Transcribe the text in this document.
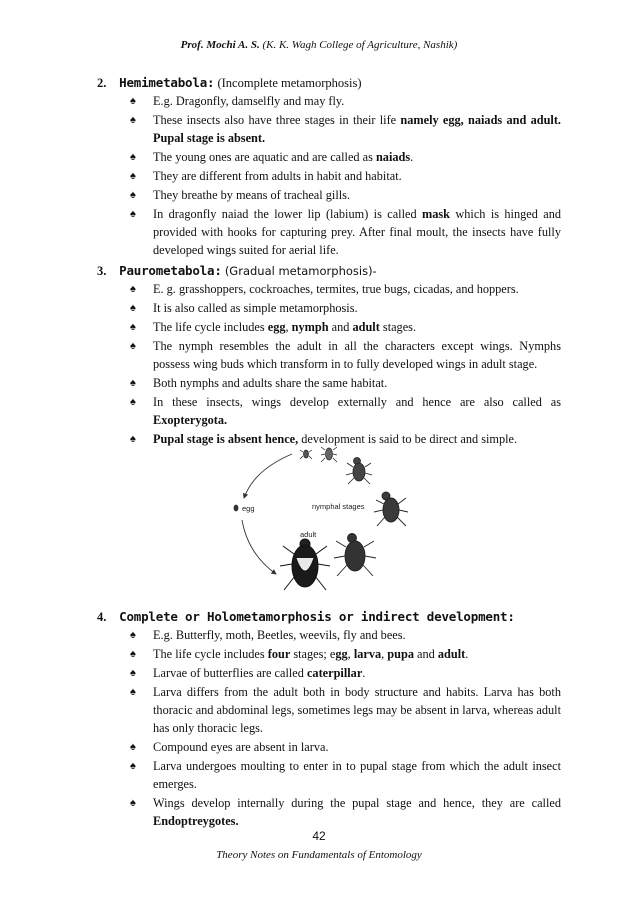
Prof. Mochi A. S. (K. K. Wagh College of Agriculture, Nashik)
2. Hemimetabola: (Incomplete metamorphosis)
♠ E.g. Dragonfly, damselfly and may fly.
♠ These insects also have three stages in their life namely egg, naiads and adult. Pupal stage is absent.
♠ The young ones are aquatic and are called as naiads.
♠ They are different from adults in habit and habitat.
♠ They breathe by means of tracheal gills.
♠ In dragonfly naiad the lower lip (labium) is called mask which is hinged and provided with hooks for capturing prey. After final moult, the insects have fully developed wings suited for aerial life.
3. Paurometabola: (Gradual metamorphosis)-
♠ E. g. grasshoppers, cockroaches, termites, true bugs, cicadas, and hoppers.
♠ It is also called as simple metamorphosis.
♠ The life cycle includes egg, nymph and adult stages.
♠ The nymph resembles the adult in all the characters except wings. Nymphs possess wing buds which transform in to fully developed wings in adult stage.
♠ Both nymphs and adults share the same habitat.
♠ In these insects, wings develop externally and hence are also called as Exopterygota.
♠ Pupal stage is absent hence, development is said to be direct and simple.
egg	nymphal stages
adult
4. Complete or Holometamorphosis or indirect development:
♠ E.g. Butterfly, moth, Beetles, weevils, fly and bees.
♠ The life cycle includes four stages; egg, larva, pupa and adult.
♠ Larvae of butterflies are called caterpillar.
♠ Larva differs from the adult both in body structure and habits. Larva has both thoracic and abdominal legs, sometimes legs may be absent in larva, whereas adult has only thoracic legs.
♠ Compound eyes are absent in larva.
♠ Larva undergoes moulting to enter in to pupal stage from which the adult insect emerges.
♠ Wings develop internally during the pupal stage and hence, they are called Endoptreygotes.
42
Theory Notes on Fundamentals of Entomology
